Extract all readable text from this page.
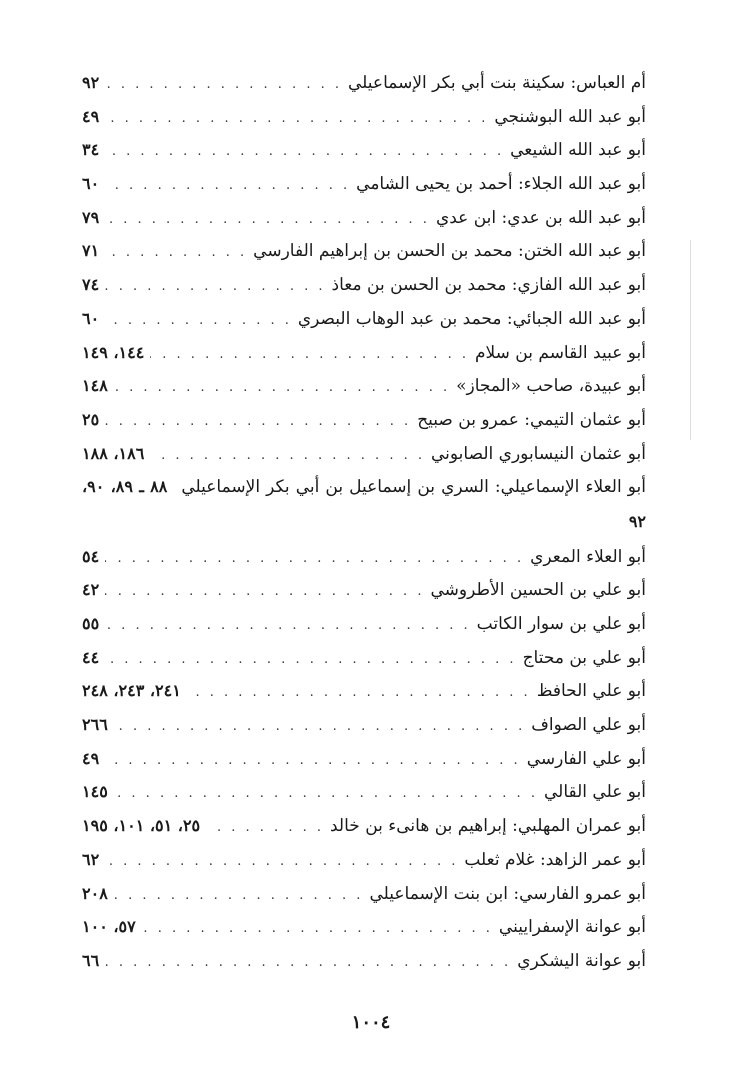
أم العباس: سكينة بنت أبي بكر الإسماعيلي
. . .
٩٢
أبو عبد الله البوشنجي
. . .
٤٩
أبو عبد الله الشيعي
. . .
٣٤
أبو عبد الله الجلاء: أحمد بن يحيى الشامي
. . .
٦٠
أبو عبد الله بن عدي: ابن عدي
. . .
٧٩
أبو عبد الله الختن: محمد بن الحسن بن إبراهيم الفارسي
. . .
٧١
أبو عبد الله الفازي: محمد بن الحسن بن معاذ
. . .
٧٤
أبو عبد الله الجبائي: محمد بن عبد الوهاب البصري
. . .
٦٠
أبو عبيد القاسم بن سلام
. . .
١٤٤، ١٤٩
أبو عبيدة، صاحب «المجاز»
. . .
١٤٨
أبو عثمان التيمي: عمرو بن صبيح
. . .
٢٥
أبو عثمان النيسابوري الصابوني
. . .
١٨٦، ١٨٨
أبو العلاء الإسماعيلي: السري بن إسماعيل بن أبي بكر الإسماعيلي٨٨ ـ ٨٩، ٩٠، ٩٢
أبو العلاء المعري
. . .
٥٤
أبو علي بن الحسين الأطروشي
. . .
٤٢
أبو علي بن سوار الكاتب
. . .
٥٥
أبو علي بن محتاج
. . .
٤٤
أبو علي الحافظ
. . .
٢٤١، ٢٤٣، ٢٤٨
أبو علي الصواف
. . .
٢٦٦
أبو علي الفارسي
. . .
٤٩
أبو علي القالي
. . .
١٤٥
أبو عمران المهلبي: إبراهيم بن هانىء بن خالد
. . .
٢٥، ٥١، ١٠١، ١٩٥
أبو عمر الزاهد: غلام ثعلب
. . .
٦٢
أبو عمرو الفارسي: ابن بنت الإسماعيلي
. . .
٢٠٨
أبو عوانة الإسفراييني
. . .
٥٧، ١٠٠
أبو عوانة اليشكري
. . .
٦٦
١٠٠٤
